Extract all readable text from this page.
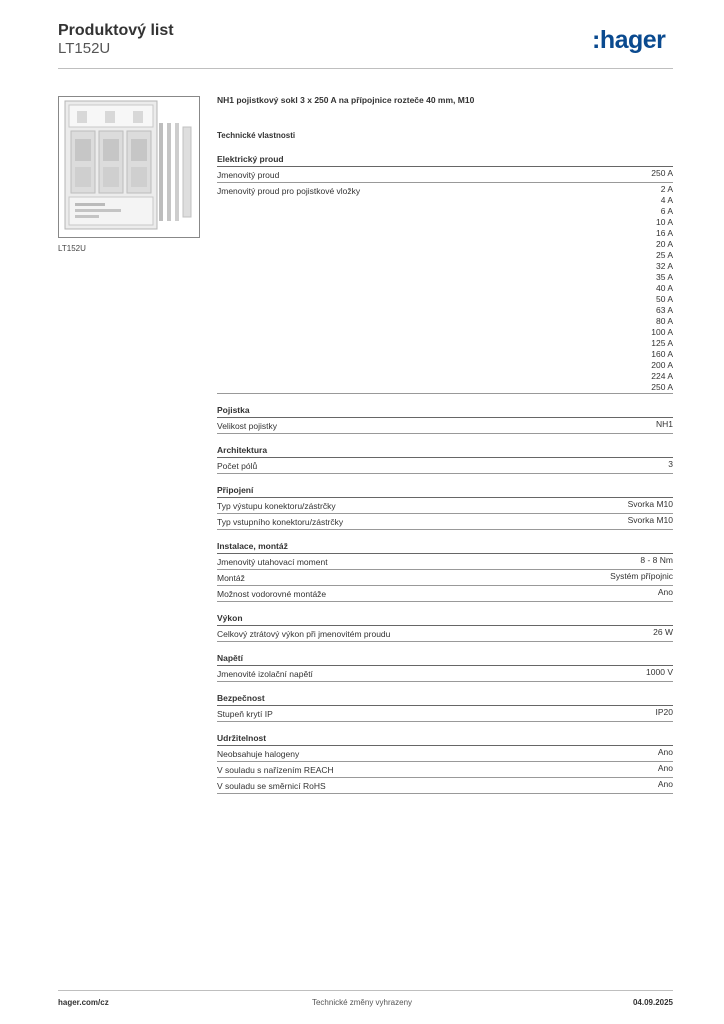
Produktový list
LT152U	:hager
LT152U
NH1 pojistkový sokl 3 x 250 A na přípojnice rozteče 40 mm, M10
Technické vlastnosti
Elektrický proud
Jmenovitý proud	250 A
Jmenovitý proud pro pojistkové vložky	2 A
4 A
6 A
10 A
16 A
20 A
25 A
32 A
35 A
40 A
50 A
63 A
80 A
100 A
125 A
160 A
200 A
224 A
250 A
Pojistka
Velikost pojistky	NH1
Architektura
Počet pólů	3
Připojení
Typ výstupu konektoru/zástrčky	Svorka M10
Typ vstupního konektoru/zástrčky	Svorka M10
Instalace, montáž
Jmenovitý utahovací moment	8 - 8 Nm
Montáž	Systém přípojnic
Možnost vodorovné montáže	Ano
Výkon
Celkový ztrátový výkon při jmenovitém proudu	26 W
Napětí
Jmenovité izolační napětí	1000 V
Bezpečnost
Stupeň krytí IP	IP20
Udržitelnost
Neobsahuje halogeny	Ano
V souladu s nařízením REACH	Ano
V souladu se směrnicí RoHS	Ano
hager.com/cz	Technické změny vyhrazeny	04.09.2025
